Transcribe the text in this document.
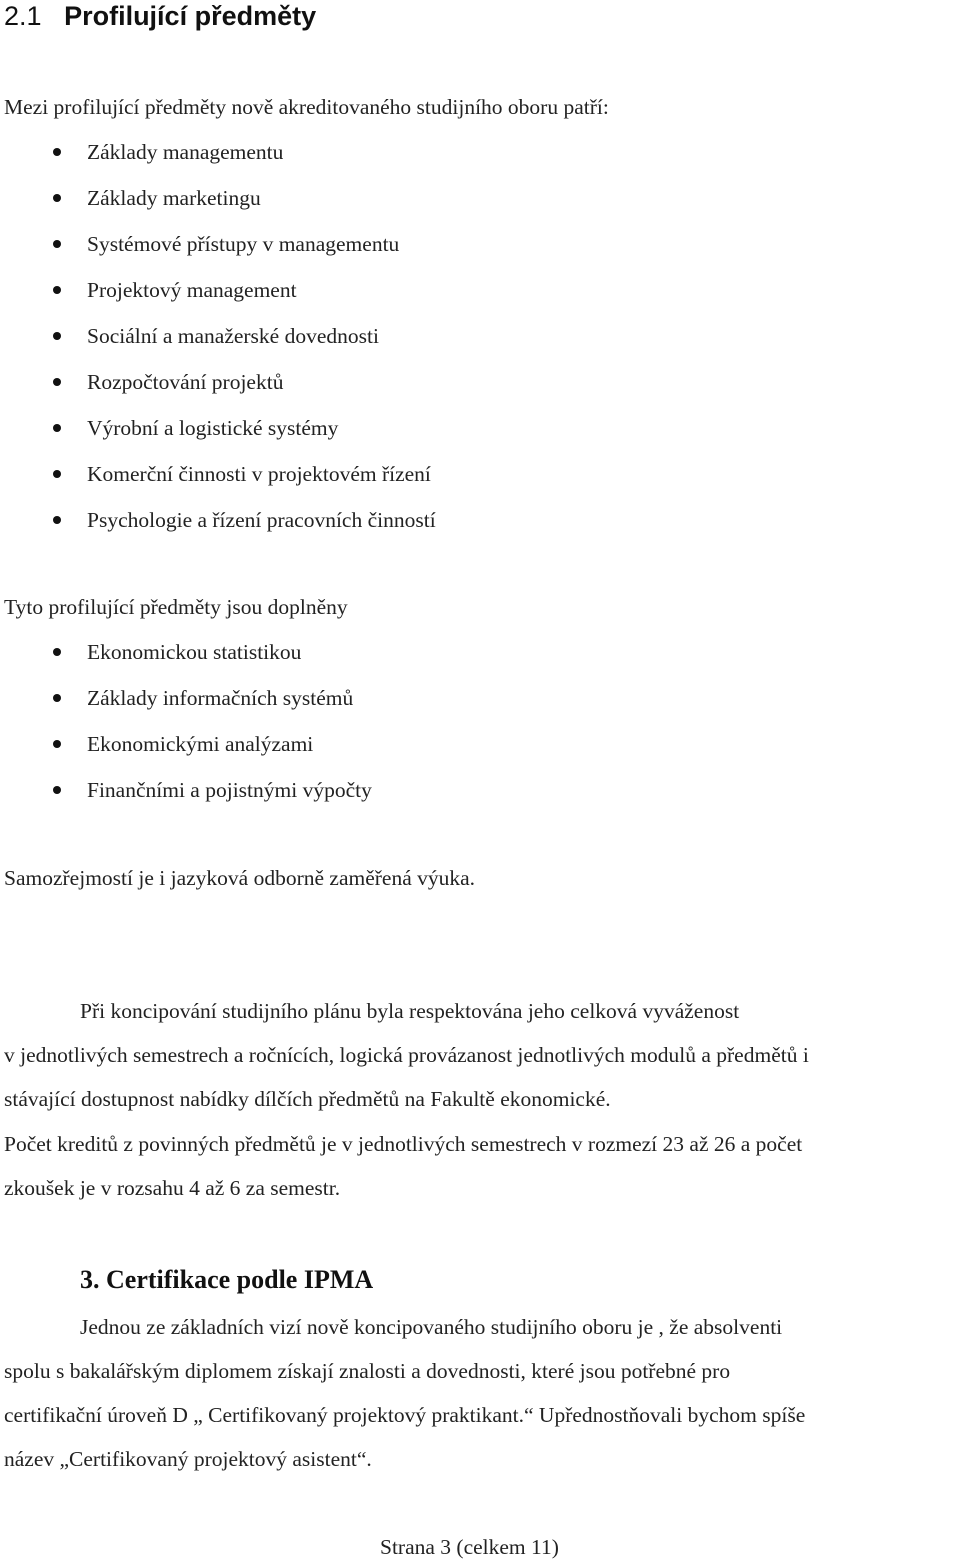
2.1 Profilující předměty
Mezi profilující předměty nově akreditovaného studijního oboru patří:
Základy managementu
Základy marketingu
Systémové přístupy v managementu
Projektový management
Sociální a manažerské dovednosti
Rozpočtování projektů
Výrobní a logistické systémy
Komerční činnosti v projektovém řízení
Psychologie a řízení pracovních činností
Tyto profilující předměty jsou doplněny
Ekonomickou statistikou
Základy informačních systémů
Ekonomickými analýzami
Finančními a pojistnými výpočty
Samozřejmostí je i jazyková odborně zaměřená výuka.
Při koncipování studijního plánu byla respektována jeho celková vyváženost
v jednotlivých semestrech a ročnících, logická provázanost jednotlivých modulů a předmětů i
stávající dostupnost nabídky dílčích předmětů na Fakultě ekonomické.
Počet kreditů z povinných předmětů je v jednotlivých semestrech v rozmezí 23 až 26 a počet
zkoušek je v rozsahu 4 až 6 za semestr.
3. Certifikace podle IPMA
Jednou ze základních vizí nově koncipovaného studijního oboru je , že absolventi
spolu s bakalářským diplomem získají znalosti a dovednosti, které jsou potřebné pro
certifikační úroveň D „ Certifikovaný projektový praktikant.“ Upřednostňovali bychom spíše
název „Certifikovaný projektový asistent“.
Strana 3 (celkem 11)
